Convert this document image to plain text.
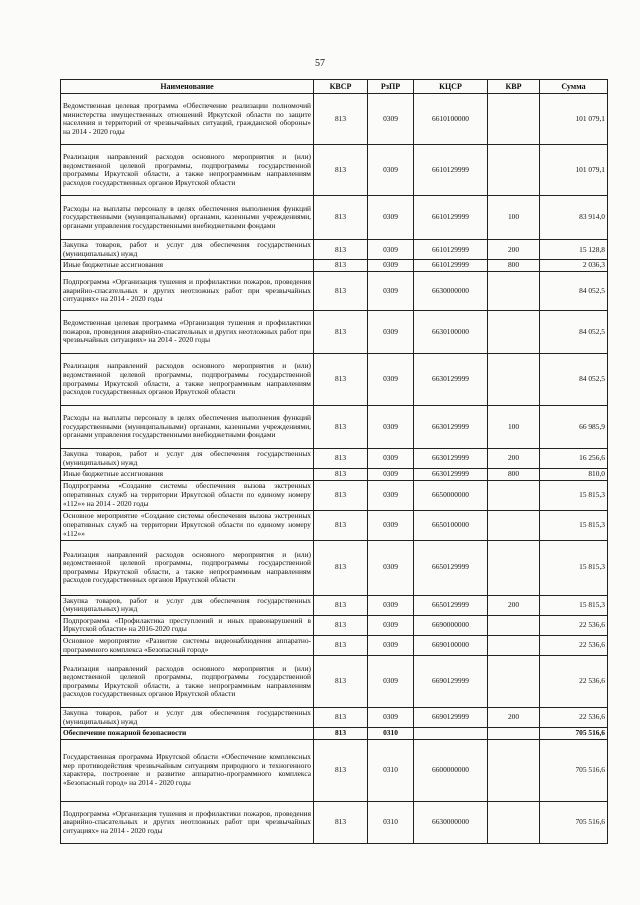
57
Наименование	КВСР	РзПР	КЦСР	КВР	Сумма
Ведомственная целевая программа «Обеспечение реализации полномочий министерства имущественных отношений Иркутской области по защите населения и территорий от чрезвычайных ситуаций, гражданской обороны» на 2014 - 2020 годы	813	0309	6610100000		101 079,1
Реализация направлений расходов основного мероприятия и (или) ведомственной целевой программы, подпрограммы государственной программы Иркутской области, а также непрограммным направлениям расходов государственных органов Иркутской области	813	0309	6610129999		101 079,1
Расходы на выплаты персоналу в целях обеспечения выполнения функций государственными (муниципальными) органами, казенными учреждениями, органами управления государственными внебюджетными фондами	813	0309	6610129999	100	83 914,0
Закупка товаров, работ и услуг для обеспечения государственных (муниципальных) нужд	813	0309	6610129999	200	15 128,8
Иные бюджетные ассигнования	813	0309	6610129999	800	2 036,3
Подпрограмма «Организация тушения и профилактики пожаров, проведения аварийно-спасательных и других неотложных работ при чрезвычайных ситуациях» на 2014 - 2020 годы	813	0309	6630000000		84 052,5
Ведомственная целевая программа «Организация тушения и профилактики пожаров, проведения аварийно-спасательных и других неотложных работ при чрезвычайных ситуациях» на 2014 - 2020 годы	813	0309	6630100000		84 052,5
Реализация направлений расходов основного мероприятия и (или) ведомственной целевой программы, подпрограммы государственной программы Иркутской области, а также непрограммным направлениям расходов государственных органов Иркутской области	813	0309	6630129999		84 052,5
Расходы на выплаты персоналу в целях обеспечения выполнения функций государственными (муниципальными) органами, казенными учреждениями, органами управления государственными внебюджетными фондами	813	0309	6630129999	100	66 985,9
Закупка товаров, работ и услуг для обеспечения государственных (муниципальных) нужд	813	0309	6630129999	200	16 256,6
Иные бюджетные ассигнования	813	0309	6630129999	800	810,0
Подпрограмма «Создание системы обеспечения вызова экстренных оперативных служб на территории Иркутской области по единому номеру «112»» на 2014 - 2020 годы	813	0309	6650000000		15 815,3
Основное мероприятие «Создание системы обеспечения вызова экстренных оперативных служб на территории Иркутской области по единому номеру «112»»	813	0309	6650100000		15 815,3
Реализация направлений расходов основного мероприятия и (или) ведомственной целевой программы, подпрограммы государственной программы Иркутской области, а также непрограммным направлениям расходов государственных органов Иркутской области	813	0309	6650129999		15 815,3
Закупка товаров, работ и услуг для обеспечения государственных (муниципальных) нужд	813	0309	6650129999	200	15 815,3
Подпрограмма «Профилактика преступлений и иных правонарушений в Иркутской области» на 2016-2020 годы	813	0309	6690000000		22 536,6
Основное мероприятие «Развитие системы видеонаблюдения аппаратно-программного комплекса «Безопасный город»	813	0309	6690100000		22 536,6
Реализация направлений расходов основного мероприятия и (или) ведомственной целевой программы, подпрограммы государственной программы Иркутской области, а также непрограммным направлениям расходов государственных органов Иркутской области	813	0309	6690129999		22 536,6
Закупка товаров, работ и услуг для обеспечения государственных (муниципальных) нужд	813	0309	6690129999	200	22 536,6
Обеспечение пожарной безопасности	813	0310			705 516,6
Государственная программа Иркутской области «Обеспечение комплексных мер противодействия чрезвычайным ситуациям природного и техногенного характера, построение и развитие аппаратно-программного комплекса «Безопасный город» на 2014 - 2020 годы	813	0310	6600000000		705 516,6
Подпрограмма «Организация тушения и профилактики пожаров, проведения аварийно-спасательных и других неотложных работ при чрезвычайных ситуациях» на 2014 - 2020 годы	813	0310	6630000000		705 516,6
